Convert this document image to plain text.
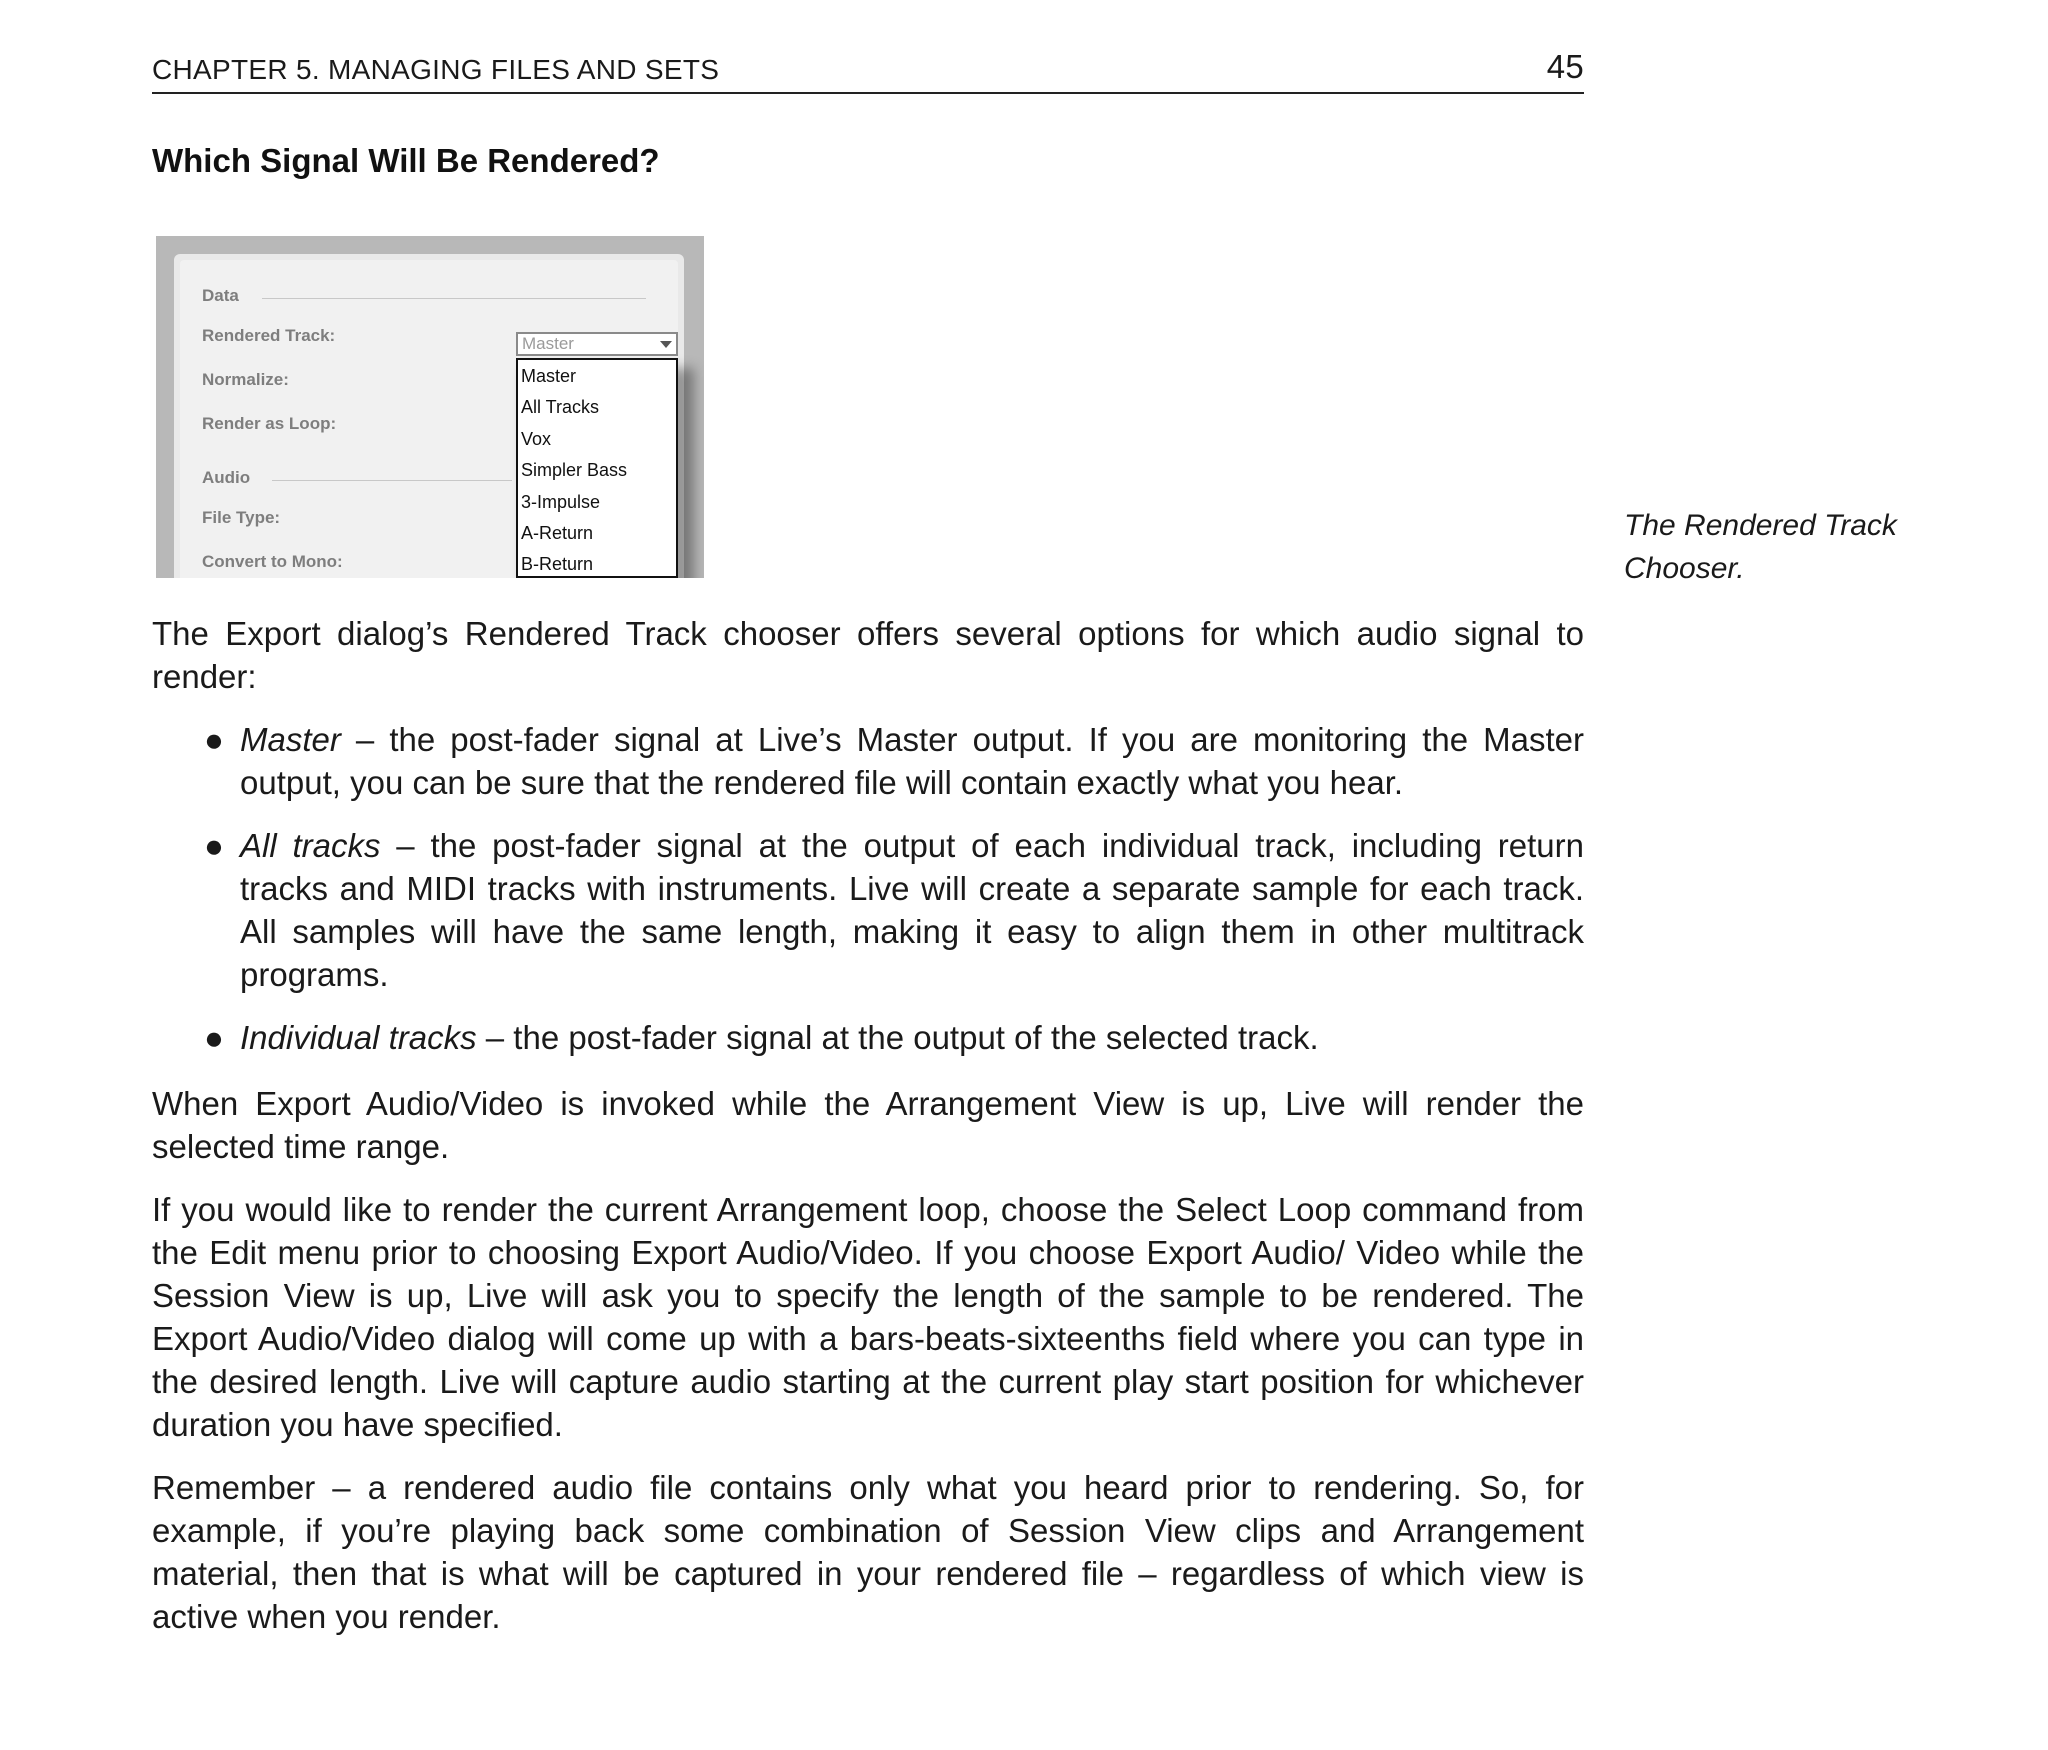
CHAPTER 5. MANAGING FILES AND SETS	45
Which Signal Will Be Rendered?
Data
Rendered Track:
Normalize:
Render as Loop:
Audio
File Type:
Convert to Mono:
Master
Master
All Tracks
Vox
Simpler Bass
3-Impulse
A-Return
B-Return
The Rendered Track Chooser.

The Export dialog’s Rendered Track chooser offers several options for which audio signal to render:

● Master – the post-fader signal at Live’s Master output. If you are monitoring the Master output, you can be sure that the rendered file will contain exactly what you hear.

● All tracks – the post-fader signal at the output of each individual track, including return tracks and MIDI tracks with instruments. Live will create a separate sample for each track. All samples will have the same length, making it easy to align them in other multitrack programs.

● Individual tracks – the post-fader signal at the output of the selected track.

When Export Audio/Video is invoked while the Arrangement View is up, Live will render the selected time range.

If you would like to render the current Arrangement loop, choose the Select Loop command from the Edit menu prior to choosing Export Audio/Video. If you choose Export Audio/ Video while the Session View is up, Live will ask you to specify the length of the sample to be rendered. The Export Audio/Video dialog will come up with a bars-beats-sixteenths field where you can type in the desired length. Live will capture audio starting at the current play start position for whichever duration you have specified.

Remember – a rendered audio file contains only what you heard prior to rendering. So, for example, if you’re playing back some combination of Session View clips and Arrangement material, then that is what will be captured in your rendered file – regardless of which view is active when you render.
